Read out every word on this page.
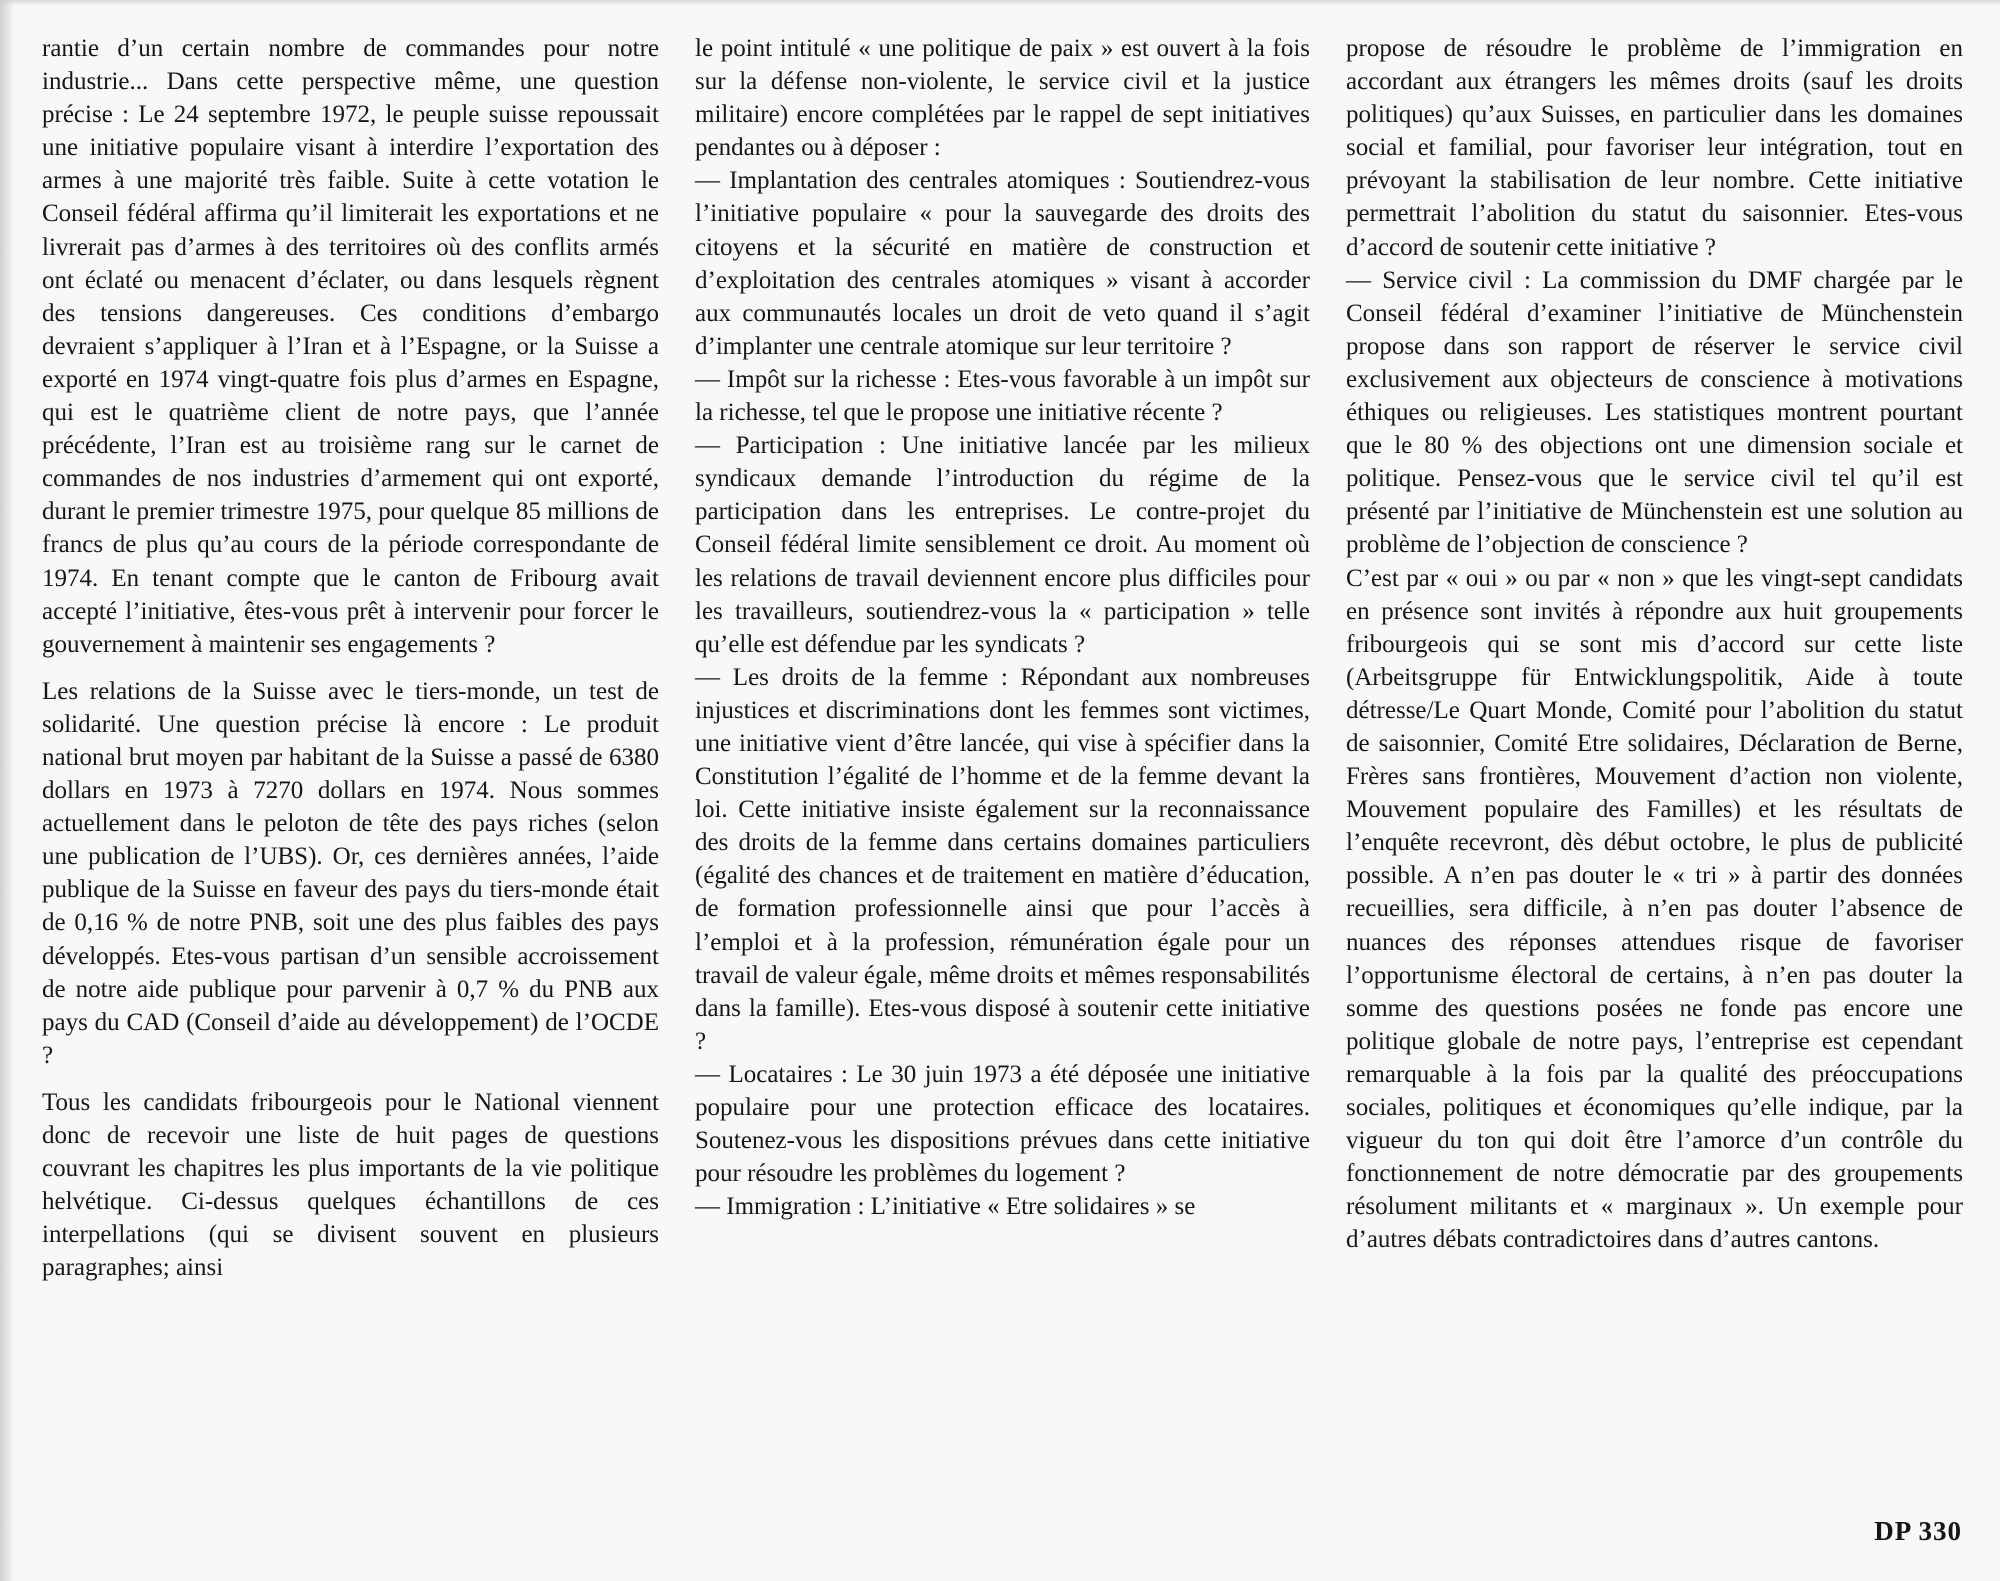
rantie d’un certain nombre de commandes pour notre industrie... Dans cette perspective même, une question précise : Le 24 septembre 1972, le peuple suisse repoussait une initiative populaire visant à interdire l’exportation des armes à une majorité très faible. Suite à cette votation le Conseil fédéral affirma qu’il limiterait les exportations et ne livrerait pas d’armes à des territoires où des conflits armés ont éclaté ou menacent d’éclater, ou dans lesquels règnent des tensions dangereuses. Ces conditions d’embargo devraient s’appliquer à l’Iran et à l’Espagne, or la Suisse a exporté en 1974 vingt-quatre fois plus d’armes en Espagne, qui est le quatrième client de notre pays, que l’année précédente, l’Iran est au troisième rang sur le carnet de commandes de nos industries d’armement qui ont exporté, durant le premier trimestre 1975, pour quelque 85 millions de francs de plus qu’au cours de la période correspondante de 1974. En tenant compte que le canton de Fribourg avait accepté l’initiative, êtes-vous prêt à intervenir pour forcer le gouvernement à maintenir ses engagements ?

Les relations de la Suisse avec le tiers-monde, un test de solidarité. Une question précise là encore : Le produit national brut moyen par habitant de la Suisse a passé de 6380 dollars en 1973 à 7270 dollars en 1974. Nous sommes actuellement dans le peloton de tête des pays riches (selon une publication de l’UBS). Or, ces dernières années, l’aide publique de la Suisse en faveur des pays du tiers-monde était de 0,16 % de notre PNB, soit une des plus faibles des pays développés. Etes-vous partisan d’un sensible accroissement de notre aide publique pour parvenir à 0,7 % du PNB aux pays du CAD (Conseil d’aide au développement) de l’OCDE ?

Tous les candidats fribourgeois pour le National viennent donc de recevoir une liste de huit pages de questions couvrant les chapitres les plus importants de la vie politique helvétique. Ci-dessus quelques échantillons de ces interpellations (qui se divisent souvent en plusieurs paragraphes; ainsi

le point intitulé « une politique de paix » est ouvert à la fois sur la défense non-violente, le service civil et la justice militaire) encore complétées par le rappel de sept initiatives pendantes ou à déposer :

— Implantation des centrales atomiques : Soutiendrez-vous l’initiative populaire « pour la sauvegarde des droits des citoyens et la sécurité en matière de construction et d’exploitation des centrales atomiques » visant à accorder aux communautés locales un droit de veto quand il s’agit d’implanter une centrale atomique sur leur territoire ?

— Impôt sur la richesse : Etes-vous favorable à un impôt sur la richesse, tel que le propose une initiative récente ?

— Participation : Une initiative lancée par les milieux syndicaux demande l’introduction du régime de la participation dans les entreprises. Le contre-projet du Conseil fédéral limite sensiblement ce droit. Au moment où les relations de travail deviennent encore plus difficiles pour les travailleurs, soutiendrez-vous la « participation » telle qu’elle est défendue par les syndicats ?

— Les droits de la femme : Répondant aux nombreuses injustices et discriminations dont les femmes sont victimes, une initiative vient d’être lancée, qui vise à spécifier dans la Constitution l’égalité de l’homme et de la femme devant la loi. Cette initiative insiste également sur la reconnaissance des droits de la femme dans certains domaines particuliers (égalité des chances et de traitement en matière d’éducation, de formation professionnelle ainsi que pour l’accès à l’emploi et à la profession, rémunération égale pour un travail de valeur égale, même droits et mêmes responsabilités dans la famille). Etes-vous disposé à soutenir cette initiative ?

— Locataires : Le 30 juin 1973 a été déposée une initiative populaire pour une protection efficace des locataires. Soutenez-vous les dispositions prévues dans cette initiative pour résoudre les problèmes du logement ?

— Immigration : L’initiative « Etre solidaires » se

propose de résoudre le problème de l’immigration en accordant aux étrangers les mêmes droits (sauf les droits politiques) qu’aux Suisses, en particulier dans les domaines social et familial, pour favoriser leur intégration, tout en prévoyant la stabilisation de leur nombre. Cette initiative permettrait l’abolition du statut du saisonnier. Etes-vous d’accord de soutenir cette initiative ?

— Service civil : La commission du DMF chargée par le Conseil fédéral d’examiner l’initiative de Münchenstein propose dans son rapport de réserver le service civil exclusivement aux objecteurs de conscience à motivations éthiques ou religieuses. Les statistiques montrent pourtant que le 80 % des objections ont une dimension sociale et politique. Pensez-vous que le service civil tel qu’il est présenté par l’initiative de Münchenstein est une solution au problème de l’objection de conscience ?

C’est par « oui » ou par « non » que les vingt-sept candidats en présence sont invités à répondre aux huit groupements fribourgeois qui se sont mis d’accord sur cette liste (Arbeitsgruppe für Entwicklungspolitik, Aide à toute détresse/Le Quart Monde, Comité pour l’abolition du statut de saisonnier, Comité Etre solidaires, Déclaration de Berne, Frères sans frontières, Mouvement d’action non violente, Mouvement populaire des Familles) et les résultats de l’enquête recevront, dès début octobre, le plus de publicité possible. A n’en pas douter le « tri » à partir des données recueillies, sera difficile, à n’en pas douter l’absence de nuances des réponses attendues risque de favoriser l’opportunisme électoral de certains, à n’en pas douter la somme des questions posées ne fonde pas encore une politique globale de notre pays, l’entreprise est cependant remarquable à la fois par la qualité des préoccupations sociales, politiques et économiques qu’elle indique, par la vigueur du ton qui doit être l’amorce d’un contrôle du fonctionnement de notre démocratie par des groupements résolument militants et « marginaux ». Un exemple pour d’autres débats contradictoires dans d’autres cantons.

DP 330
